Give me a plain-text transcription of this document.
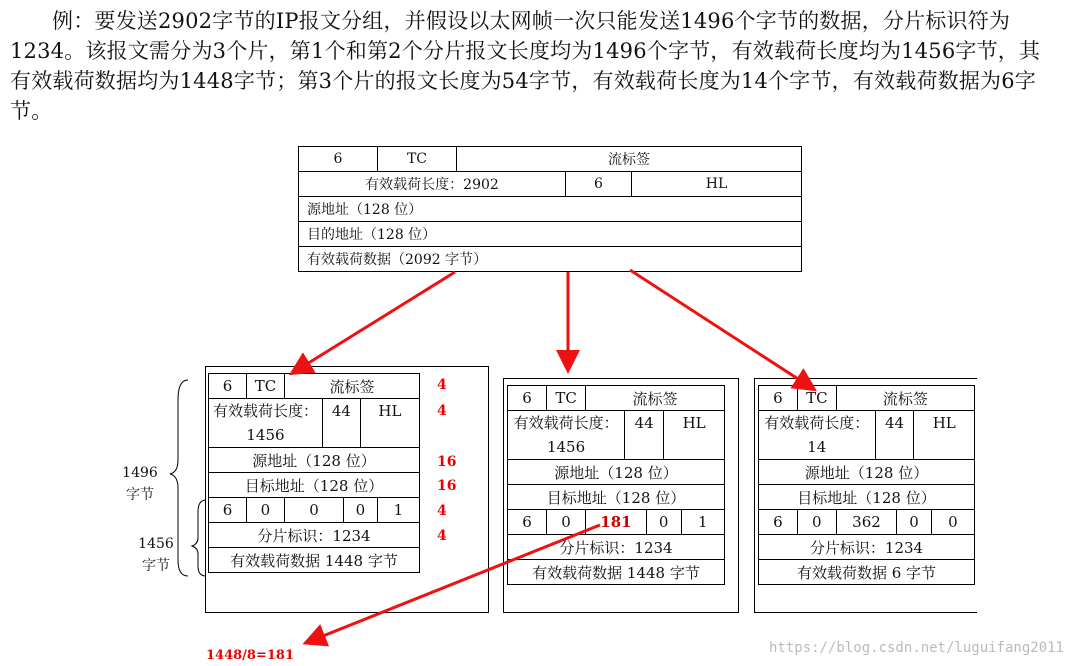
例：要发送2902字节的IP报文分组，并假设以太网帧一次只能发送1496个字节的数据，分片标识符为1234。该报文需分为3个片，第1个和第2个分片报文长度均为1496个字节，有效载荷长度均为1456字节，其有效载荷数据均为1448字节；第3个片的报文长度为54字节，有效载荷长度为14个字节，有效载荷数据为6字节。
6	TC	流标签		
有效载荷长度：2902			6	HL
源地址（128 位）				
目的地址（128 位）				
有效载荷数据（2092 字节）				
6	TC	流标签				
有效载荷长度：1456			44		HL	
源地址（128 位）						
目标地址（128 位）						
6	0	0		0		1
分片标识：1234						
有效载荷数据 1448 字节						
6	TC	流标签				
有效载荷长度：1456			44		HL	
源地址（128 位）						
目标地址（128 位）						
6	0	181		0		1
分片标识：1234						
有效载荷数据 1448 字节						
6	TC	流标签				
有效载荷长度：14			44		HL	
源地址（128 位）						
目标地址（128 位）						
6	0	362		0		0
分片标识：1234						
有效载荷数据 6 字节						
4
4
16
16
4
4
1496 字节
1456 字节
1448/8=181	https://blog.csdn.net/luguifang2011
